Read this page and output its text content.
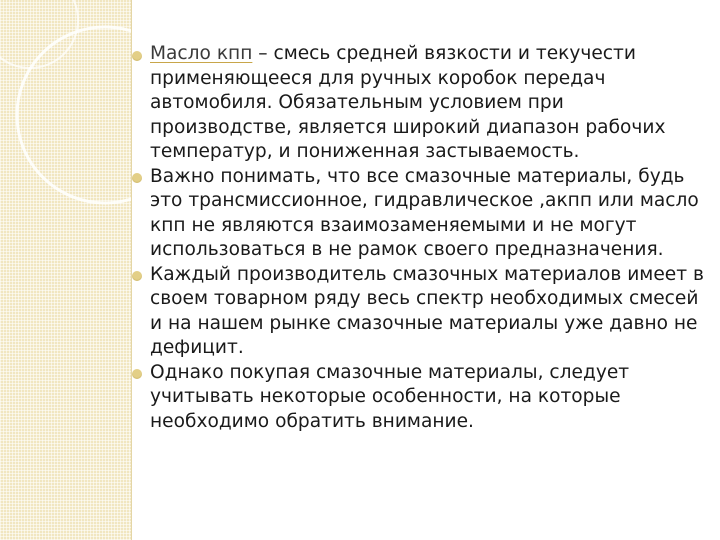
Масло кпп – смесь средней вязкости и текучести применяющееся для ручных коробок передач автомобиля. Обязательным условием при производстве, является широкий диапазон рабочих температур, и пониженная застываемость.
Важно понимать, что все смазочные материалы, будь это трансмиссионное, гидравлическое ,акпп или масло кпп не являются взаимозаменяемыми и не могут использоваться в не рамок своего предназначения.
Каждый производитель смазочных материалов имеет в своем товарном ряду весь спектр необходимых смесей и на нашем рынке смазочные материалы уже давно не дефицит.
Однако покупая смазочные материалы, следует учитывать некоторые особенности, на которые необходимо обратить внимание.
